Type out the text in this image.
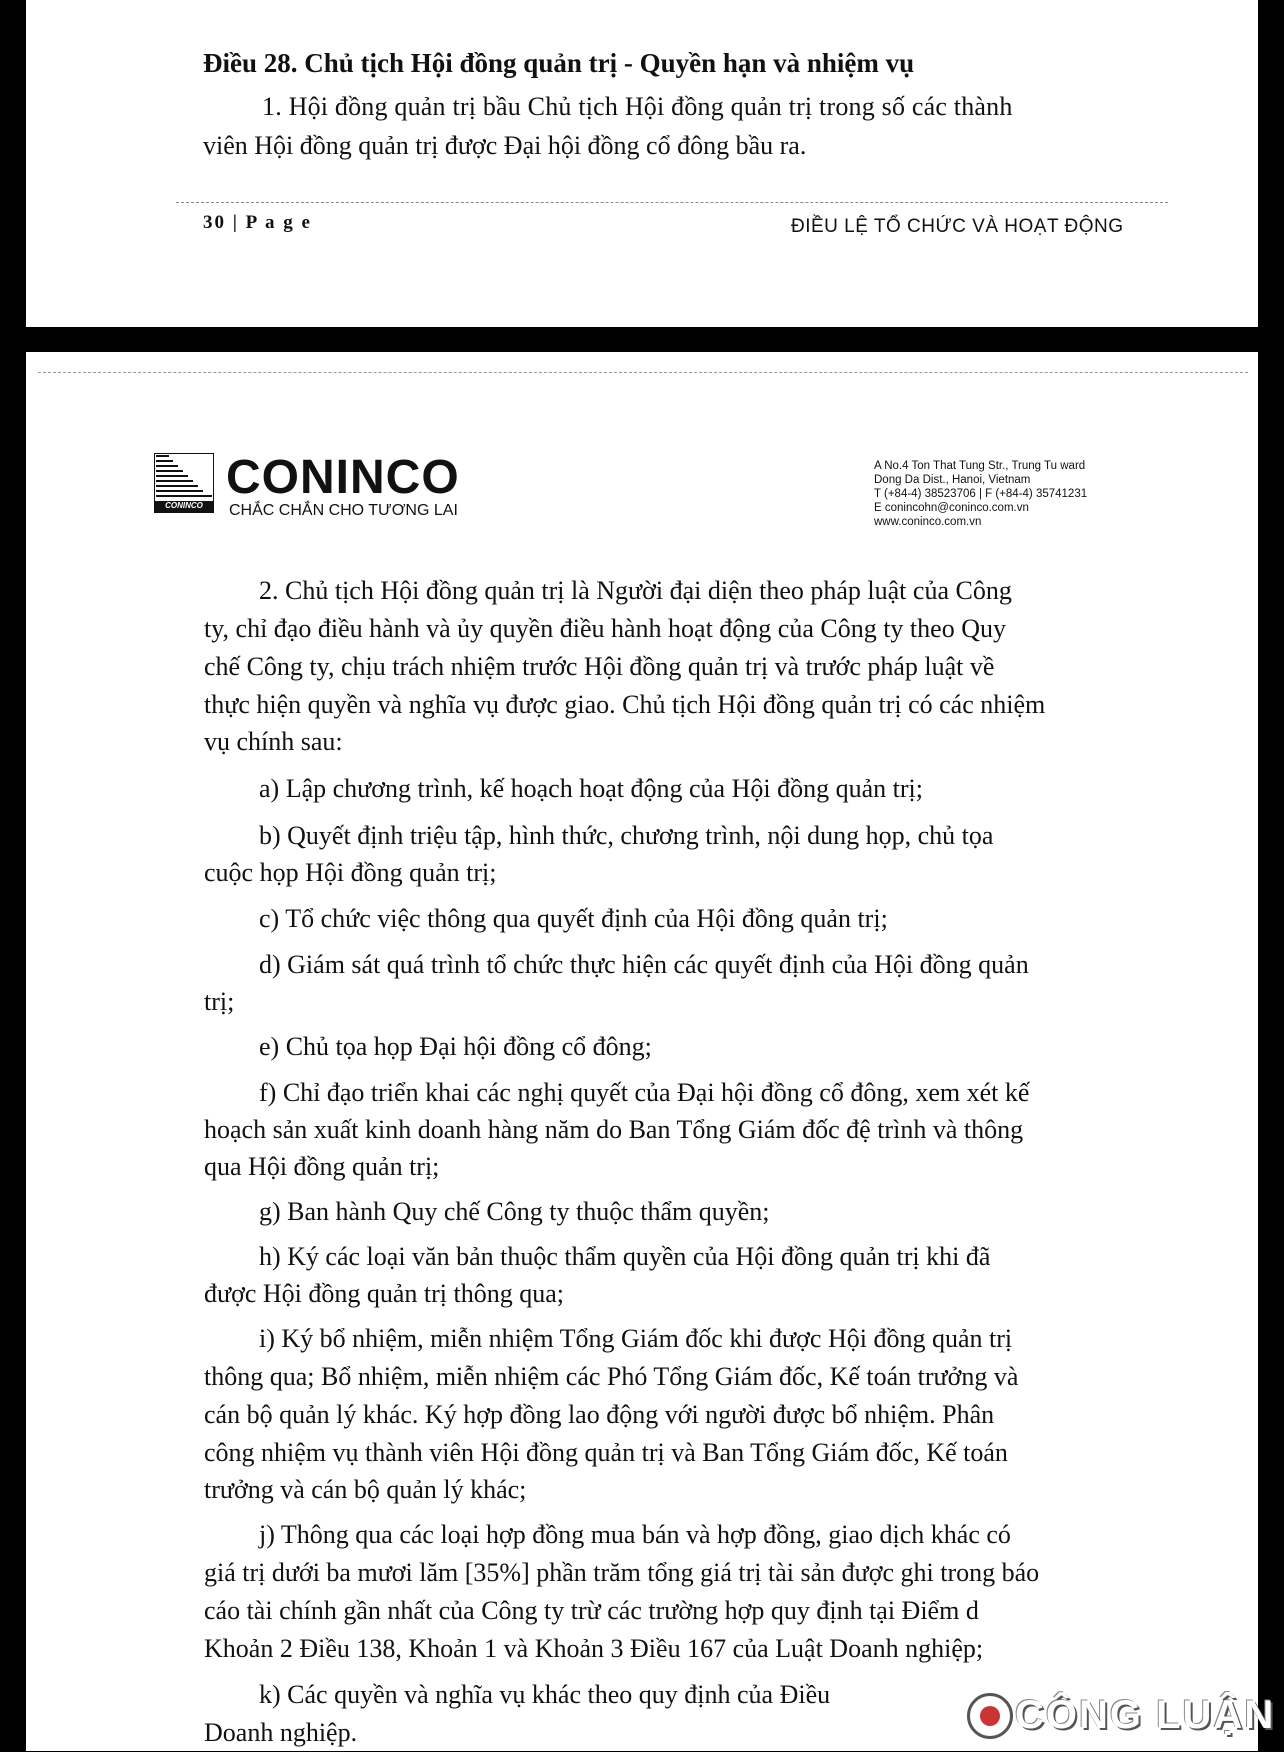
Điều 28. Chủ tịch Hội đồng quản trị - Quyền hạn và nhiệm vụ
1. Hội đồng quản trị bầu Chủ tịch Hội đồng quản trị trong số các thành
viên Hội đồng quản trị được Đại hội đồng cổ đông bầu ra.
30 | P a g e	ĐIỀU LỆ TỔ CHỨC VÀ HOẠT ĐỘNG
CONINCO
CONINCO
CHẮC CHẮN CHO TƯƠNG LAI
A No.4 Ton That Tung Str., Trung Tu ward
Dong Da Dist., Hanoi, Vietnam
T (+84-4) 38523706 | F (+84-4) 35741231
E conincohn@coninco.com.vn
www.coninco.com.vn
2. Chủ tịch Hội đồng quản trị là Người đại diện theo pháp luật của Công
ty, chỉ đạo điều hành và ủy quyền điều hành hoạt động của Công ty theo Quy
chế Công ty, chịu trách nhiệm trước Hội đồng quản trị và trước pháp luật về
thực hiện quyền và nghĩa vụ được giao. Chủ tịch Hội đồng quản trị có các nhiệm
vụ chính sau:
a) Lập chương trình, kế hoạch hoạt động của Hội đồng quản trị;
b) Quyết định triệu tập, hình thức, chương trình, nội dung họp, chủ tọa
cuộc họp Hội đồng quản trị;
c) Tổ chức việc thông qua quyết định của Hội đồng quản trị;
d) Giám sát quá trình tổ chức thực hiện các quyết định của Hội đồng quản
trị;
e) Chủ tọa họp Đại hội đồng cổ đông;
f) Chỉ đạo triển khai các nghị quyết của Đại hội đồng cổ đông, xem xét kế
hoạch sản xuất kinh doanh hàng năm do Ban Tổng Giám đốc đệ trình và thông
qua Hội đồng quản trị;
g) Ban hành Quy chế Công ty thuộc thẩm quyền;
h) Ký các loại văn bản thuộc thẩm quyền của Hội đồng quản trị khi đã
được Hội đồng quản trị thông qua;
i) Ký bổ nhiệm, miễn nhiệm Tổng Giám đốc khi được Hội đồng quản trị
thông qua; Bổ nhiệm, miễn nhiệm các Phó Tổng Giám đốc, Kế toán trưởng và
cán bộ quản lý khác. Ký hợp đồng lao động với người được bổ nhiệm. Phân
công nhiệm vụ thành viên Hội đồng quản trị và Ban Tổng Giám đốc, Kế toán
trưởng và cán bộ quản lý khác;
j) Thông qua các loại hợp đồng mua bán và hợp đồng, giao dịch khác có
giá trị dưới ba mươi lăm [35%] phần trăm tổng giá trị tài sản được ghi trong báo
cáo tài chính gần nhất của Công ty trừ các trường hợp quy định tại Điểm d
Khoản 2 Điều 138, Khoản 1 và Khoản 3 Điều 167 của Luật Doanh nghiệp;
k) Các quyền và nghĩa vụ khác theo quy định của Điều
Doanh nghiệp.	CÔNG LUẬN
